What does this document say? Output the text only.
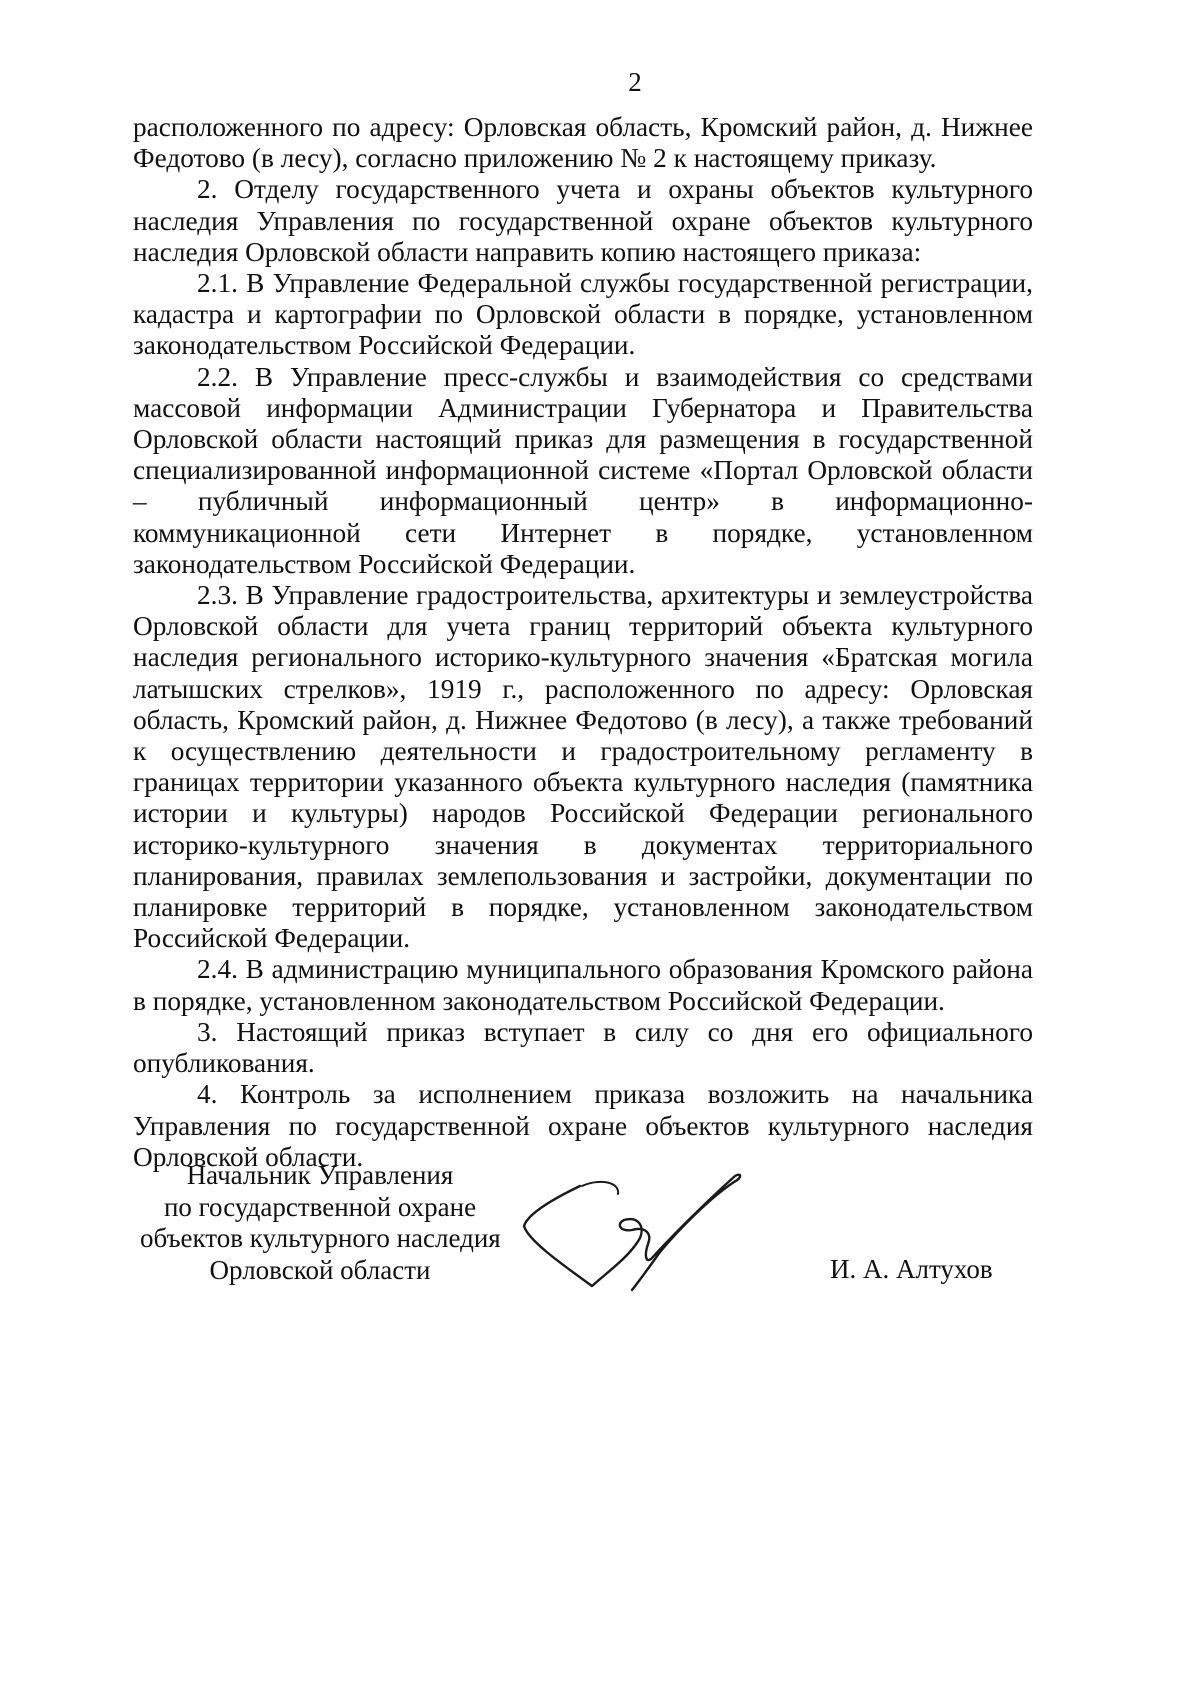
2

расположенного по адресу: Орловская область, Кромский район, д. Нижнее Федотово (в лесу), согласно приложению № 2 к настоящему приказу.

2. Отделу государственного учета и охраны объектов культурного наследия Управления по государственной охране объектов культурного наследия Орловской области направить копию настоящего приказа:

2.1. В Управление Федеральной службы государственной регистрации, кадастра и картографии по Орловской области в порядке, установленном законодательством Российской Федерации.

2.2. В Управление пресс-службы и взаимодействия со средствами массовой информации Администрации Губернатора и Правительства Орловской области настоящий приказ для размещения в государственной специализированной информационной системе «Портал Орловской области – публичный информационный центр» в информационно-коммуникационной сети Интернет в порядке, установленном законодательством Российской Федерации.

2.3. В Управление градостроительства, архитектуры и землеустройства Орловской области для учета границ территорий объекта культурного наследия регионального историко-культурного значения «Братская могила латышских стрелков», 1919 г., расположенного по адресу: Орловская область, Кромский район, д. Нижнее Федотово (в лесу), а также требований к осуществлению деятельности и градостроительному регламенту в границах территории указанного объекта культурного наследия (памятника истории и культуры) народов Российской Федерации регионального историко-культурного значения в документах территориального планирования, правилах землепользования и застройки, документации по планировке территорий в порядке, установленном законодательством Российской Федерации.

2.4. В администрацию муниципального образования Кромского района в порядке, установленном законодательством Российской Федерации.

3. Настоящий приказ вступает в силу со дня его официального опубликования.

4. Контроль за исполнением приказа возложить на начальника Управления по государственной охране объектов культурного наследия Орловской области.

Начальник Управления
по государственной охране
объектов культурного наследия
Орловской области	И. А. Алтухов
